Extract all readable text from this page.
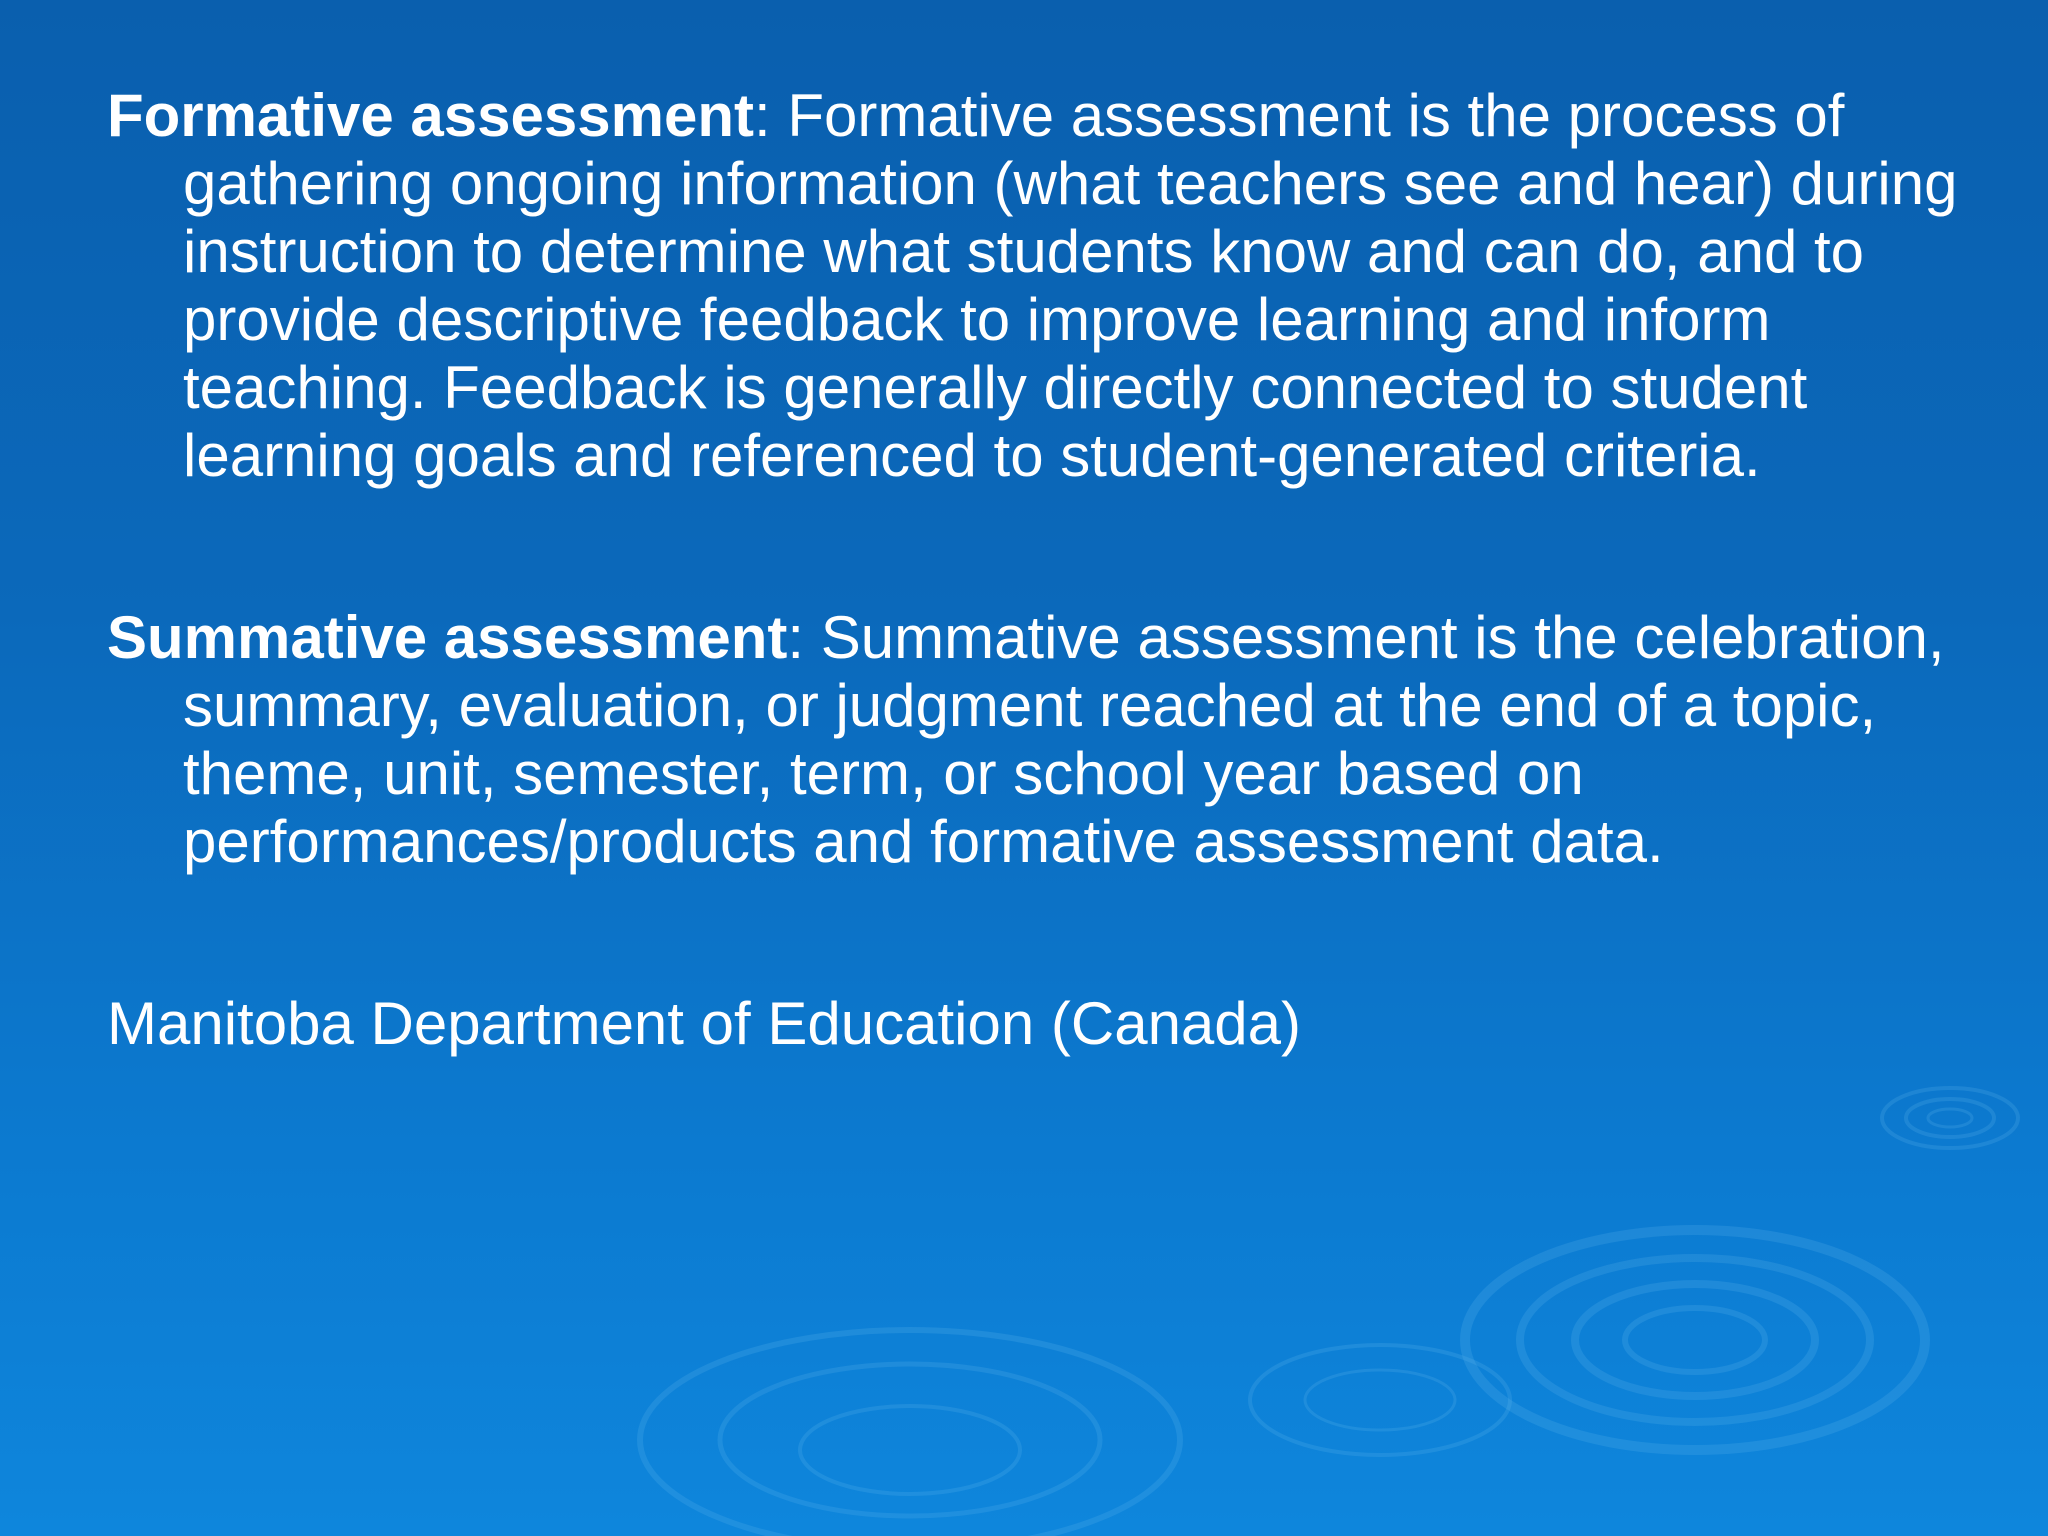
Formative assessment: Formative assessment is the process of gathering ongoing information (what teachers see and hear) during instruction to determine what students know and can do, and to provide descriptive feedback to improve learning and inform teaching. Feedback is generally directly connected to student learning goals and referenced to student-generated criteria.

Summative assessment: Summative assessment is the celebration, summary, evaluation, or judgment reached at the end of a topic, theme, unit, semester, term, or school year based on performances/products and formative assessment data.

Manitoba Department of Education (Canada)
